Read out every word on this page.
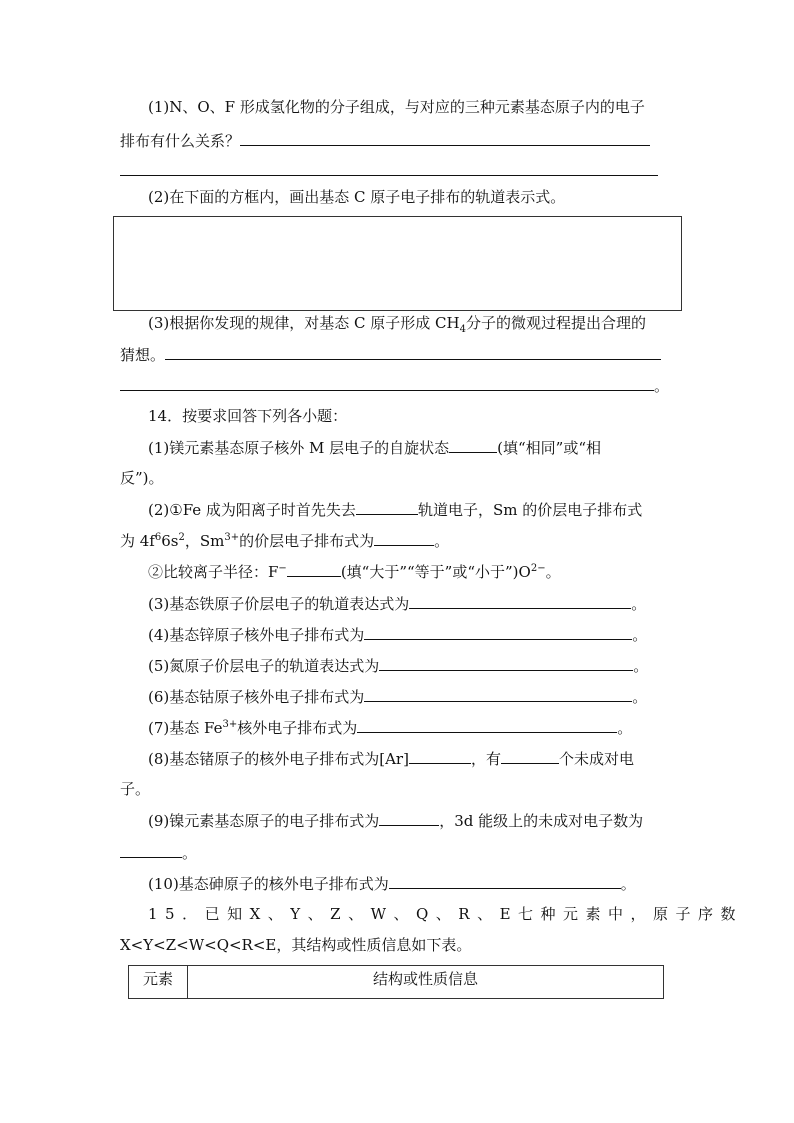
(1)N、O、F 形成氢化物的分子组成，与对应的三种元素基态原子内的电子
排布有什么关系？
(2)在下面的方框内，画出基态 C 原子电子排布的轨道表示式。
(3)根据你发现的规律，对基态 C 原子形成 $CH_4$分子的微观过程提出合理的
猜想。
。
14．按要求回答下列各小题：
(1)镁元素基态原子核外 M 层电子的自旋状态	(填“相同”或“相
反”)。
(2)①Fe 成为阳离子时首先失去	轨道电子，Sm 的价层电子排布式
为 $4f^66s^2$，$Sm^{3+}$的价层电子排布式为	。
②比较离子半径：F−	(填“大于”“等于”或“小于$”)O^{2-}$。
(3)基态铁原子价层电子的轨道表达式为	。
(4)基态锌原子核外电子排布式为	。
(5)氮原子价层电子的轨道表达式为	。
(6)基态钴原子核外电子排布式为	。
(7)基态 $Fe^{3+}$核外电子排布式为	。
(8)基态锗原子的核外电子排布式为[Ar]	，有	个未成对电
子。
(9)镍元素基态原子的电子排布式为	，3d 能级上的未成对电子数为
。
(10)基态砷原子的核外电子排布式为	。
15．已知X、Y、Z、W、Q、R、E七种元素中，原子序数
X<Y<Z<W<Q<R<E，其结构或性质信息如下表。
元素	结构或性质信息
